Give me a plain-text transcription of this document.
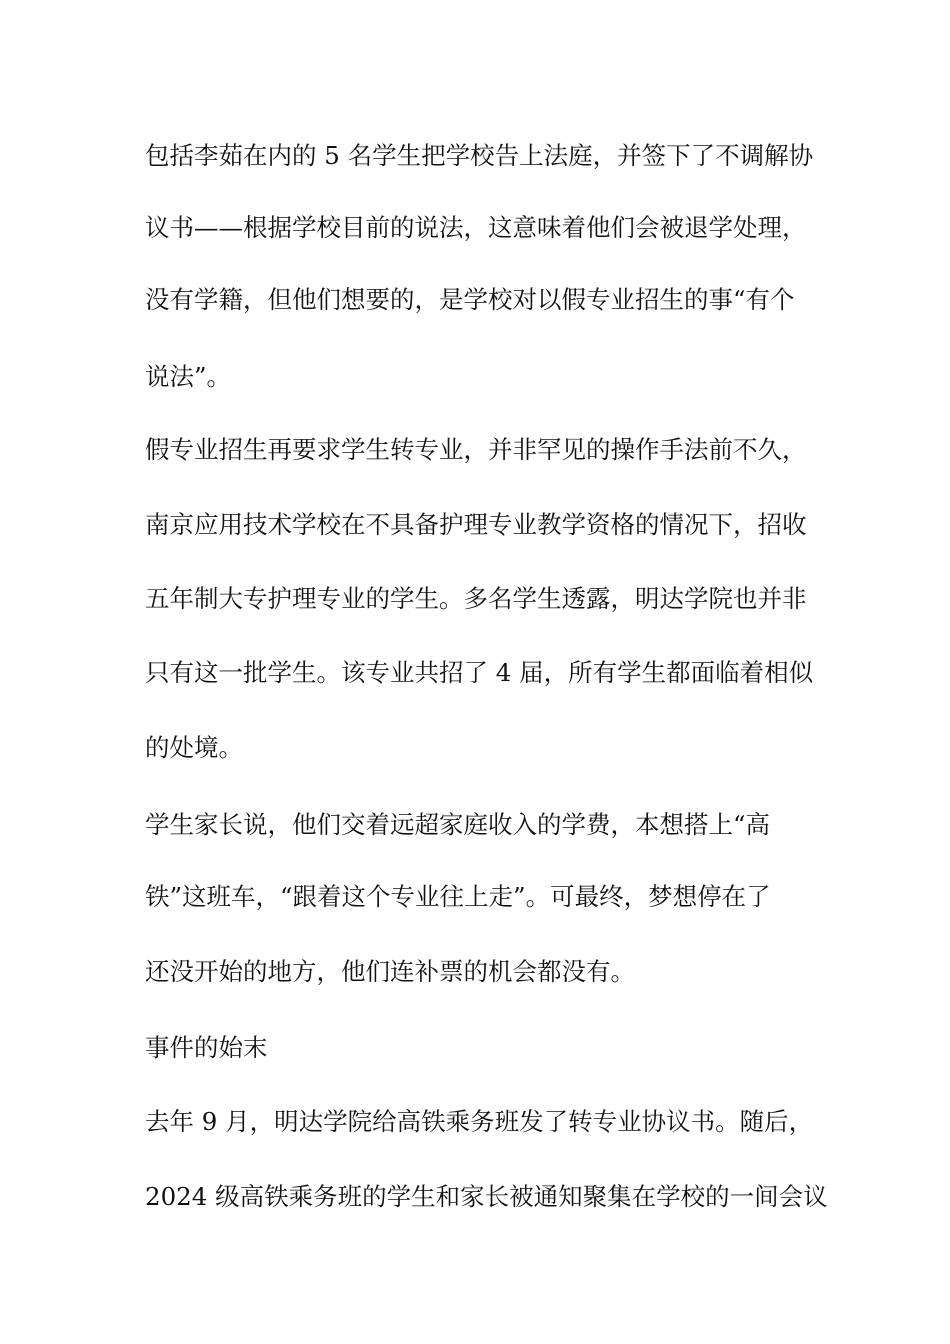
包括李茹在内的 5 名学生把学校告上法庭，并签下了不调解协
议书——根据学校目前的说法，这意味着他们会被退学处理，
没有学籍，但他们想要的，是学校对以假专业招生的事“有个
说法”。
假专业招生再要求学生转专业，并非罕见的操作手法前不久，
南京应用技术学校在不具备护理专业教学资格的情况下，招收
五年制大专护理专业的学生。多名学生透露，明达学院也并非
只有这一批学生。该专业共招了 4 届，所有学生都面临着相似
的处境。
学生家长说，他们交着远超家庭收入的学费，本想搭上“高
铁”这班车，“跟着这个专业往上走”。可最终，梦想停在了
还没开始的地方，他们连补票的机会都没有。
事件的始末
去年 9 月，明达学院给高铁乘务班发了转专业协议书。随后，
2024 级高铁乘务班的学生和家长被通知聚集在学校的一间会议
